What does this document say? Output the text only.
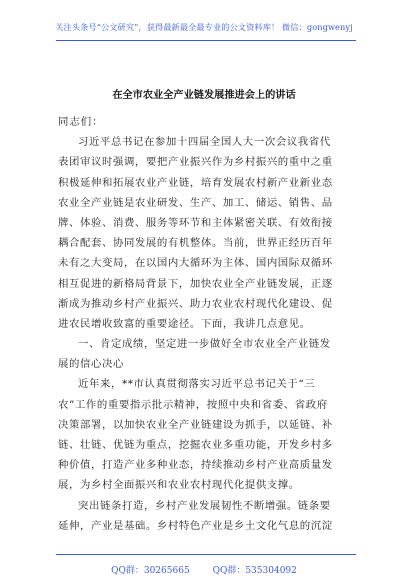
关注头条号“公文研究”，获得最新最全最专业的公文资料库！ 微信：gongwenyj
在全市农业全产业链发展推进会上的讲话
同志们：
习近平总书记在参加十四届全国人大一次会议我省代
表团审议时强调，要把产业振兴作为乡村振兴的重中之重
积极延伸和拓展农业产业链，培育发展农村新产业新业态
农业全产业链是农业研发、生产、加工、储运、销售、品
牌、体验、消费、服务等环节和主体紧密关联、有效衔接
耦合配套、协同发展的有机整体。当前，世界正经历百年
未有之大变局，在以国内大循环为主体、国内国际双循环
相互促进的新格局背景下，加快农业全产业链发展，正逐
渐成为推动乡村产业振兴、助力农业农村现代化建设、促
进农民增收致富的重要途径。下面，我讲几点意见。
一、肯定成绩，坚定进一步做好全市农业全产业链发
展的信心决心
近年来，**市认真贯彻落实习近平总书记关于“三
农”工作的重要指示批示精神，按照中央和省委、省政府
决策部署，以加快农业全产业链建设为抓手，以延链、补
链、壮链、优链为重点，挖掘农业多重功能，开发乡村多
种价值，打造产业多种业态，持续推动乡村产业高质量发
展，为乡村全面振兴和农业农村现代化提供支撑。
突出链条打造，乡村产业发展韧性不断增强。链条要
延伸，产业是基础。乡村特色产业是乡土文化气息的沉淀
QQ群：30265665	QQ群：535304092
